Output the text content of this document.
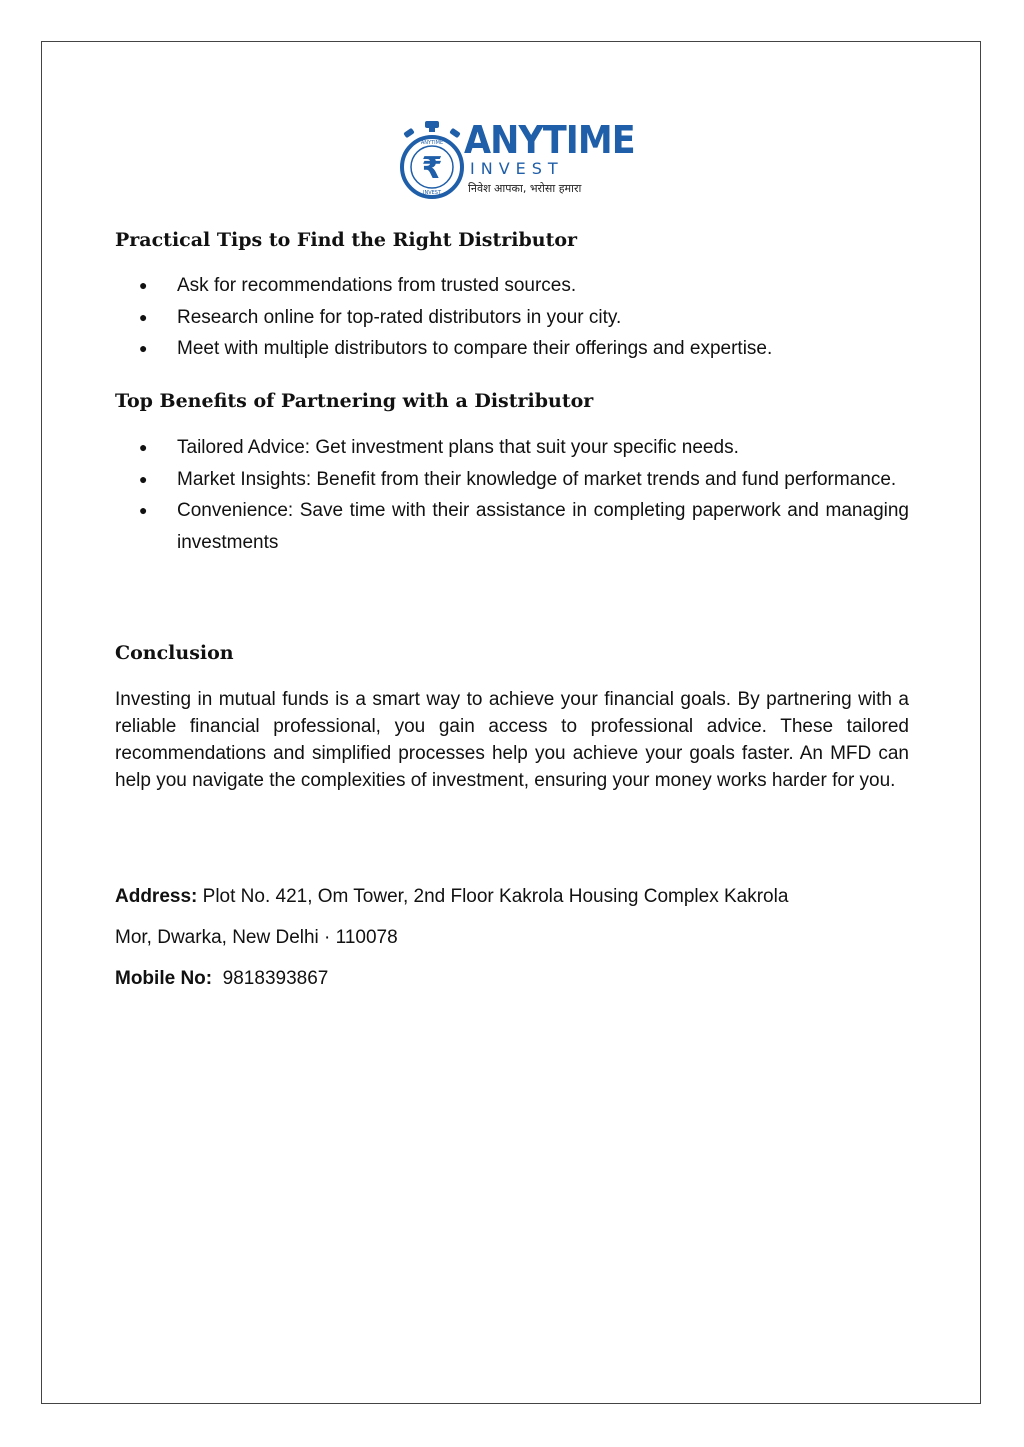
₹
ANYTIME
INVEST
ANYTIME
INVEST
निवेश आपका, भरोसा हमारा
Practical Tips to Find the Right Distributor
●	Ask for recommendations from trusted sources.
●	Research online for top-rated distributors in your city.
●	Meet with multiple distributors to compare their offerings and expertise.
Top Benefits of Partnering with a Distributor
●	Tailored Advice: Get investment plans that suit your specific needs.
●	Market Insights: Benefit from their knowledge of market trends and fund performance.
●	Convenience: Save time with their assistance in completing paperwork and managing investments
Conclusion

Investing in mutual funds is a smart way to achieve your financial goals. By partnering with a reliable financial professional, you gain access to professional advice. These tailored recommendations and simplified processes help you achieve your goals faster. An MFD can help you navigate the complexities of investment, ensuring your money works harder for you.

Address: Plot No. 421, Om Tower, 2nd Floor Kakrola Housing Complex Kakrola

Mor, Dwarka, New Delhi · 110078

Mobile No: 9818393867
